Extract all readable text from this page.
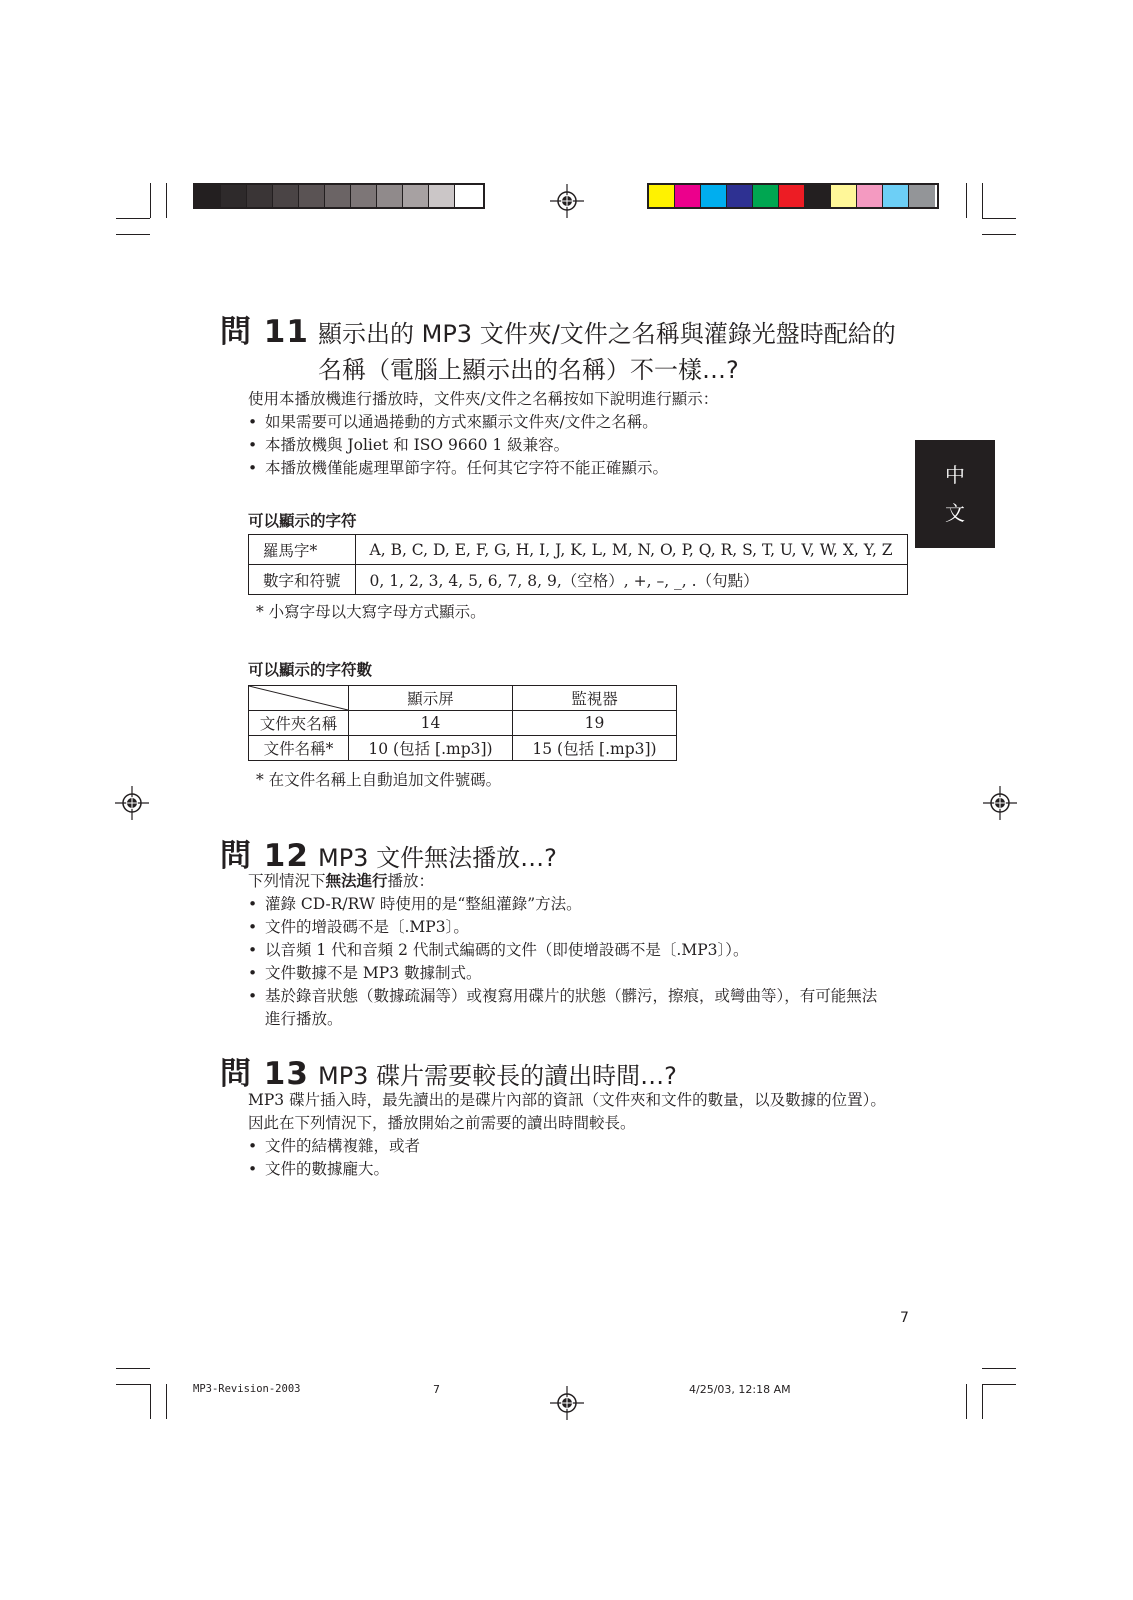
中
文
問 11 顯示出的 MP3 文件夾/文件之名稱與灌錄光盤時配給的
名稱（電腦上顯示出的名稱）不一樣…?
使用本播放機進行播放時，文件夾/文件之名稱按如下說明進行顯示：
• 如果需要可以通過捲動的方式來顯示文件夾/文件之名稱。
• 本播放機與 Joliet 和 ISO 9660 1 級兼容。
• 本播放機僅能處理單節字符。任何其它字符不能正確顯示。
可以顯示的字符
羅馬字*	A, B, C, D, E, F, G, H, I, J, K, L, M, N, O, P, Q, R, S, T, U, V, W, X, Y, Z
數字和符號	0, 1, 2, 3, 4, 5, 6, 7, 8, 9,（空格）, +, –, _, .（句點）
* 小寫字母以大寫字母方式顯示。
可以顯示的字符數
	顯示屏	監視器
文件夾名稱	14	19
文件名稱*	10 (包括 [.mp3])	15 (包括 [.mp3])
* 在文件名稱上自動追加文件號碼。
問 12 MP3 文件無法播放…?
下列情況下無法進行播放：
• 灌錄 CD-R/RW 時使用的是“整組灌錄”方法。
• 文件的增設碼不是〔.MP3〕。
• 以音頻 1 代和音頻 2 代制式編碼的文件（即使增設碼不是〔.MP3〕）。
• 文件數據不是 MP3 數據制式。
• 基於錄音狀態（數據疏漏等）或複寫用碟片的狀態（髒污，擦痕，或彎曲等），有可能無法
進行播放。
問 13 MP3 碟片需要較長的讀出時間…?
MP3 碟片插入時，最先讀出的是碟片內部的資訊（文件夾和文件的數量，以及數據的位置）。
因此在下列情況下，播放開始之前需要的讀出時間較長。
• 文件的結構複雜，或者
• 文件的數據龐大。
7
MP3-Revision-2003	7	4/25/03, 12:18 AM
